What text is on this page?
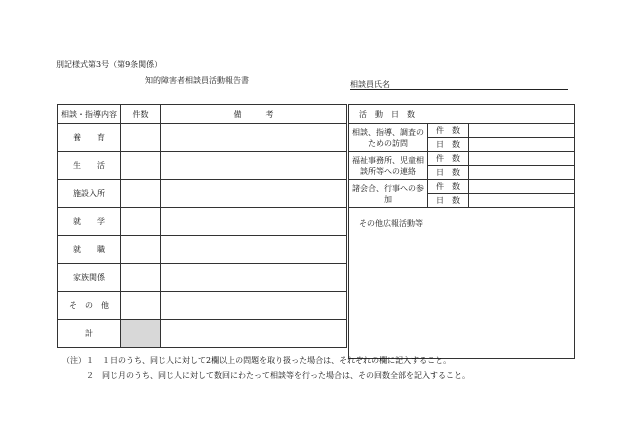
別記様式第3号（第9条関係）
知的障害者相談員活動報告書	相談員氏名
相談・指導内容	件数	備　　　考
養　　育		
生　　活		
施設入所		
就　　学		
就　　職		
家族関係		
そ　の　他		
計		
活　動　日　数		
相談、指導、調査のための訪問	件　数	
	日　数	
福祉事務所、児童相談所等への連絡	件　数	
	日　数	
諸会合、行事への参加	件　数	
	日　数	
その他広報活動等		
（注）１　１日のうち、同じ人に対して2欄以上の問題を取り扱った場合は、それぞれの欄に記入すること。
２　同じ月のうち、同じ人に対して数回にわたって相談等を行った場合は、その回数全部を記入すること。
